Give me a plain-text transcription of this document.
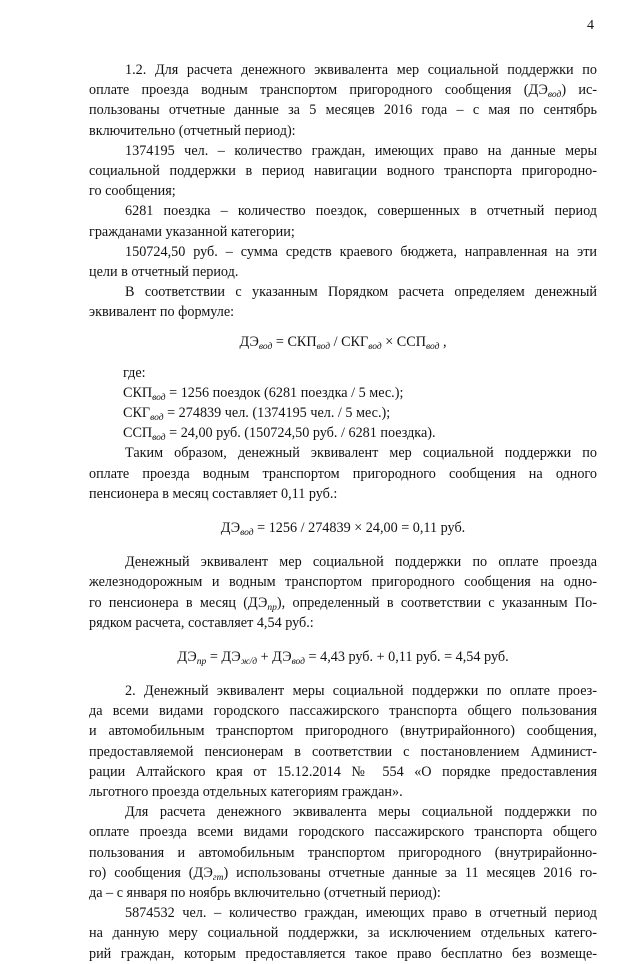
4
1.2. Для расчета денежного эквивалента мер социальной поддержки по
оплате проезда водным транспортом пригородного сообщения $(ДЭ_{вод})$ ис-
пользованы отчетные данные за 5 месяцев 2016 года – с мая по сентябрь
включительно (отчетный период):
1374195 чел. – количество граждан, имеющих право на данные меры
социальной поддержки в период навигации водного транспорта пригородно-
го сообщения;
6281 поездка – количество поездок, совершенных в отчетный период
гражданами указанной категории;
150724,50 руб. – сумма средств краевого бюджета, направленная на эти
цели в отчетный период.
В соответствии с указанным Порядком расчета определяем денежный
эквивалент по формуле:
$ДЭ_{вод} = СКП_{вод} / СКГ_{вод} \times ССП_{вод}$ ,
где:
$СКП_{вод} = 1256$ поездок (6281 поездка / 5 мес.);
$СКГ_{вод} = 274839$ чел. (1374195 чел. / 5 мес.);
$ССП_{вод} = 24,00$ руб. (150724,50 руб. / 6281 поездка).
Таким образом, денежный эквивалент мер социальной поддержки по
оплате проезда водным транспортом пригородного сообщения на одного
пенсионера в месяц составляет 0,11 руб.:
$ДЭ_{вод} = 1256 / 274839 \times 24,00 = 0,11$ руб.
Денежный эквивалент мер социальной поддержки по оплате проезда
железнодорожным и водным транспортом пригородного сообщения на одно-
го пенсионера в месяц $(ДЭ_{пр})$, определенный в соответствии с указанным По-
рядком расчета, составляет 4,54 руб.:
$ДЭ_{пр} = ДЭ_{ж/д} + ДЭ_{вод} = 4,43$ руб. + 0,11 руб. = 4,54 руб.
2. Денежный эквивалент меры социальной поддержки по оплате проез-
да всеми видами городского пассажирского транспорта общего пользования
и автомобильным транспортом пригородного (внутрирайонного) сообщения,
предоставляемой пенсионерам в соответствии с постановлением Админист-
рации Алтайского края от 15.12.2014 № 554 «О порядке предоставления
льготного проезда отдельных категориям граждан».
Для расчета денежного эквивалента меры социальной поддержки по
оплате проезда всеми видами городского пассажирского транспорта общего
пользования и автомобильным транспортом пригородного (внутрирайонно-
го) сообщения $(ДЭ_{гт})$ использованы отчетные данные за 11 месяцев 2016 го-
да – с января по ноябрь включительно (отчетный период):
5874532 чел. – количество граждан, имеющих право в отчетный период
на данную меру социальной поддержки, за исключением отдельных катего-
рий граждан, которым предоставляется такое право бесплатно без возмеще-
